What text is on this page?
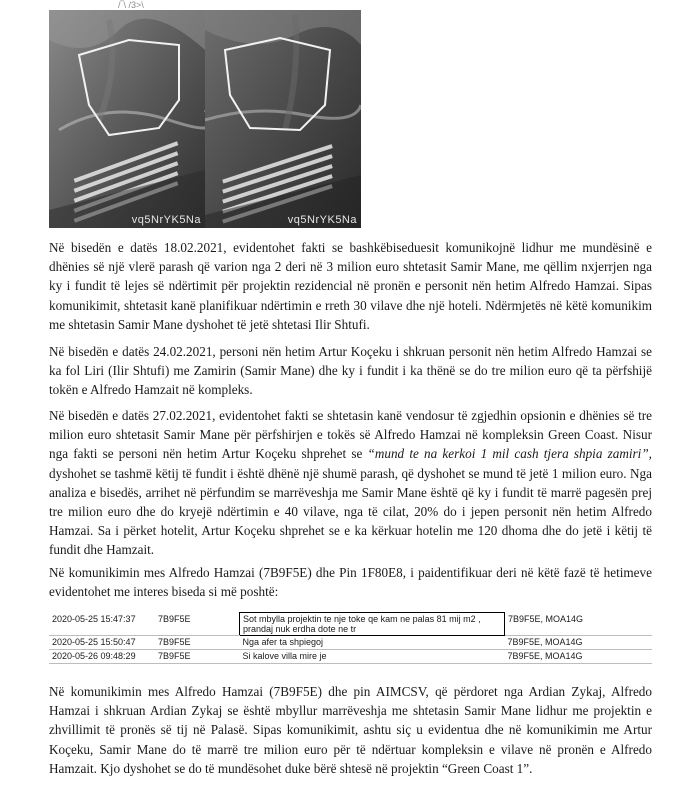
/‾\ /3>\
vq5NrYK5Na	vq5NrYK5Na

Në bisedën e datës 18.02.2021, evidentohet fakti se bashkëbiseduesit komunikojnë lidhur me mundësinë e dhënies së një vlerë parash që varion nga 2 deri në 3 milion euro shtetasit Samir Mane, me qëllim nxjerrjen nga ky i fundit të lejes së ndërtimit për projektin rezidencial në pronën e personit nën hetim Alfredo Hamzai. Sipas komunikimit, shtetasit kanë planifikuar ndërtimin e rreth 30 vilave dhe një hoteli. Ndërmjetës në këtë komunikim me shtetasin Samir Mane dyshohet të jetë shtetasi Ilir Shtufi.

Në bisedën e datës 24.02.2021, personi nën hetim Artur Koçeku i shkruan personit nën hetim Alfredo Hamzai se ka fol Liri (Ilir Shtufi) me Zamirin (Samir Mane) dhe ky i fundit i ka thënë se do tre milion euro që ta përfshijë tokën e Alfredo Hamzait në kompleks.

Në bisedën e datës 27.02.2021, evidentohet fakti se shtetasin kanë vendosur të zgjedhin opsionin e dhënies së tre milion euro shtetasit Samir Mane për përfshirjen e tokës së Alfredo Hamzai në kompleksin Green Coast. Nisur nga fakti se personi nën hetim Artur Koçeku shprehet se “mund te na kerkoi 1 mil cash tjera shpia zamiri”, dyshohet se tashmë këtij të fundit i është dhënë një shumë parash, që dyshohet se mund të jetë 1 milion euro. Nga analiza e bisedës, arrihet në përfundim se marrëveshja me Samir Mane është që ky i fundit të marrë pagesën prej tre milion euro dhe do kryejë ndërtimin e 40 vilave, nga të cilat, 20% do i jepen personit nën hetim Alfredo Hamzai. Sa i përket hotelit, Artur Koçeku shprehet se e ka kërkuar hotelin me 120 dhoma dhe do jetë i këtij të fundit dhe Hamzait.

Në komunikimin mes Alfredo Hamzai (7B9F5E) dhe Pin 1F80E8, i paidentifikuar deri në këtë fazë të hetimeve evidentohet me interes biseda si më poshtë:

2020-05-25 15:47:37	7B9F5E	Sot mbylla projektin te nje toke qe kam ne palas 81 mij m2 , prandaj nuk erdha dote ne tr	7B9F5E, MOA14G
2020-05-25 15:50:47	7B9F5E	Nga afer ta shpiegoj	7B9F5E, MOA14G
2020-05-26 09:48:29	7B9F5E	Si kalove villa mire je	7B9F5E, MOA14G

Në komunikimin mes Alfredo Hamzai (7B9F5E) dhe pin AIMCSV, që përdoret nga Ardian Zykaj, Alfredo Hamzai i shkruan Ardian Zykaj se është mbyllur marrëveshja me shtetasin Samir Mane lidhur me projektin e zhvillimit të pronës së tij në Palasë. Sipas komunikimit, ashtu siç u evidentua dhe në komunikimin me Artur Koçeku, Samir Mane do të marrë tre milion euro për të ndërtuar kompleksin e vilave në pronën e Alfredo Hamzait. Kjo dyshohet se do të mundësohet duke bërë shtesë në projektin “Green Coast 1”.
